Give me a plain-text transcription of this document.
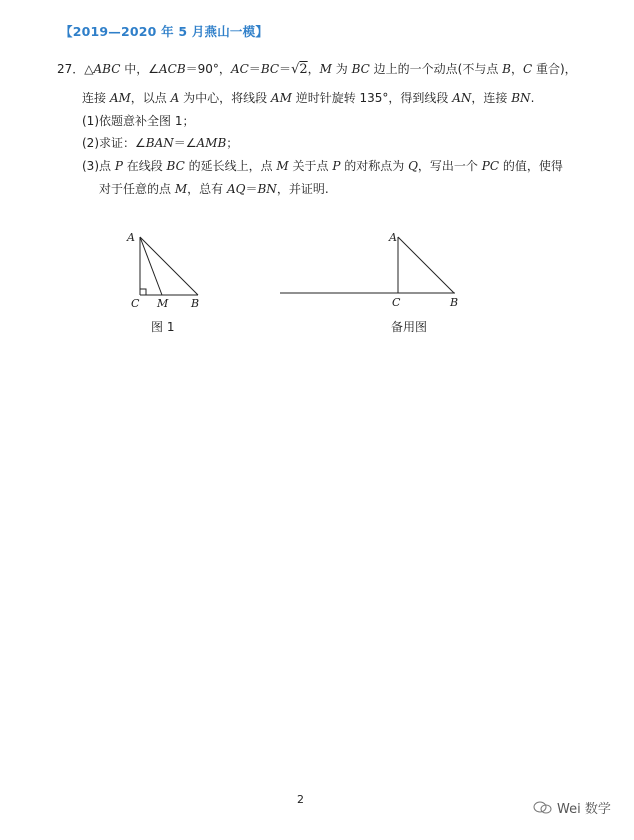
【2019—2020 年 5 月燕山一模】
27．△ABC 中，∠ACB＝90°，AC＝BC＝√2，M 为 BC 边上的一个动点(不与点 B，C 重合)，
连接 AM，以点 A 为中心，将线段 AM 逆时针旋转 135°，得到线段 AN，连接 BN.
(1)依题意补全图 1；
(2)求证：∠BAN＝∠AMB；
(3)点 P 在线段 BC 的延长线上，点 M 关于点 P 的对称点为 Q，写出一个 PC 的值，使得
对于任意的点 M，总有 AQ＝BN，并证明.
A
C M B
图 1
A
C	B
备用图
2
Wei 数学
